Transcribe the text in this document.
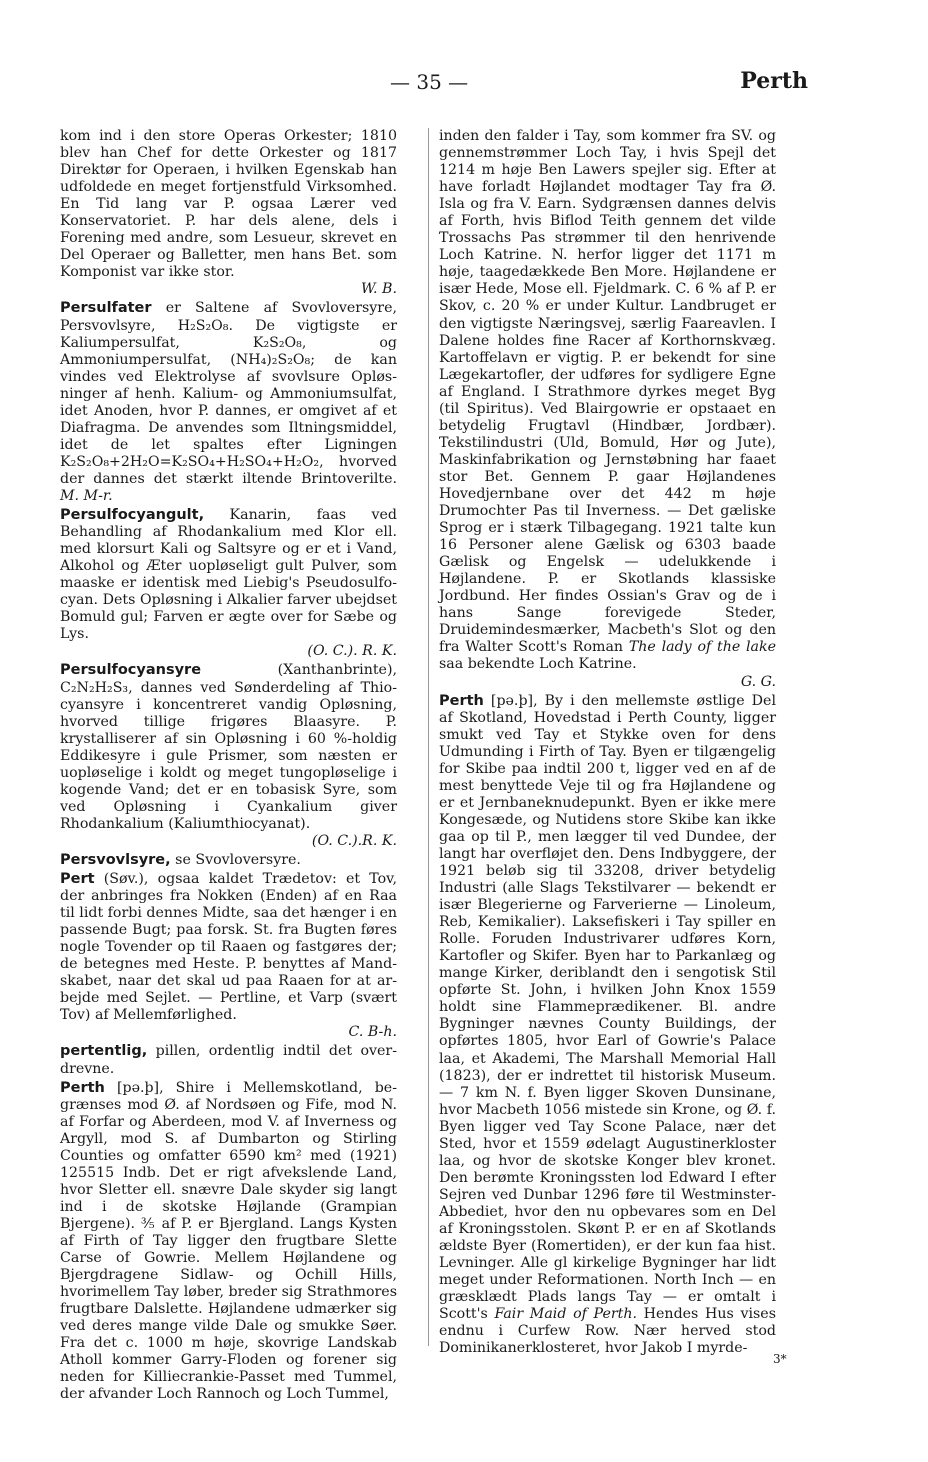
— 35 —	Perth

kom ind i den store Operas Orkester; 1810 blev han Chef for dette Orkester og 1817 Direktør for Operaen, i hvilken Egenskab han udfoldede en meget fortjenstfuld Virksomhed. En Tid lang var P. ogsaa Lærer ved Konservatoriet. P. har dels alene, dels i Forening med andre, som Lesueur, skrevet en Del Operaer og Balletter, men hans Bet. som Komponist var ikke stor.

W. B.

Persulfater er Saltene af Svovloversyre, Persvovlsyre, H₂S₂O₈. De vigtigste er Kaliumpersulfat, K₂S₂O₈, og Ammoniumpersulfat, (NH₄)₂S₂O₈; de kan vindes ved Elektrolyse af svovlsure Opløsninger af henh. Kalium- og Ammoniumsulfat, idet Anoden, hvor P. dannes, er omgivet af et Diafragma. De anvendes som Iltningsmiddel, idet de let spaltes efter Ligningen K₂S₂O₈+2H₂O=K₂SO₄+H₂SO₄+H₂O₂, hvorved der dannes det stærkt iltende Brintoverilte. M. M-r.

Persulfocyangult, Kanarin, faas ved Behandling af Rhodankalium med Klor ell. med klorsurt Kali og Saltsyre og er et i Vand, Alkohol og Æter uopløseligt gult Pulver, som maaske er identisk med Liebig's Pseudosulfocyan. Dets Opløsning i Alkalier farver ubejdset Bomuld gul; Farven er ægte over for Sæbe og Lys.

(O. C.). R. K.

Persulfocyansyre (Xanthanbrinte), C₂N₂H₂S₃, dannes ved Sønderdeling af Thiocyansyre i koncentreret vandig Opløsning, hvorved tillige frigøres Blaasyre. P. krystalliserer af sin Opløsning i 60 %-holdig Eddikesyre i gule Prismer, som næsten er uopløselige i koldt og meget tungopløselige i kogende Vand; det er en tobasisk Syre, som ved Opløsning i Cyankalium giver Rhodankalium (Kaliumthiocyanat).

(O. C.).R. K.

Persvovlsyre, se Svovloversyre.

Pert (Søv.), ogsaa kaldet Trædetov: et Tov, der anbringes fra Nokken (Enden) af en Raa til lidt forbi dennes Midte, saa det hænger i en passende Bugt; paa forsk. St. fra Bugten føres nogle Tovender op til Raaen og fastgøres der; de betegnes med Heste. P. benyttes af Mandskabet, naar det skal ud paa Raaen for at arbejde med Sejlet. — Pertline, et Varp (svært Tov) af Mellemførlighed.

C. B-h.

pertentlig, pillen, ordentlig indtil det overdrevne.

Perth [pə.þ], Shire i Mellemskotland, begrænses mod Ø. af Nordsøen og Fife, mod N. af Forfar og Aberdeen, mod V. af Inverness og Argyll, mod S. af Dumbarton og Stirling Counties og omfatter 6590 km² med (1921) 125515 Indb. Det er rigt afvekslende Land, hvor Sletter ell. snævre Dale skyder sig langt ind i de skotske Højlande (Grampian Bjergene). ⅗ af P. er Bjergland. Langs Kysten af Firth of Tay ligger den frugtbare Slette Carse of Gowrie. Mellem Højlandene og Bjergdragene Sidlaw- og Ochill Hills, hvorimellem Tay løber, breder sig Strathmores frugtbare Dalslette. Højlandene udmærker sig ved deres mange vilde Dale og smukke Søer. Fra det c. 1000 m høje, skovrige Landskab Atholl kommer Garry-Floden og forener sig neden for Killiecrankie-Passet med Tummel, der afvander Loch Rannoch og Loch Tummel,

inden den falder i Tay, som kommer fra SV. og gennemstrømmer Loch Tay, i hvis Spejl det 1214 m høje Ben Lawers spejler sig. Efter at have forladt Højlandet modtager Tay fra Ø. Isla og fra V. Earn. Sydgrænsen dannes delvis af Forth, hvis Biflod Teith gennem det vilde Trossachs Pas strømmer til den henrivende Loch Katrine. N. herfor ligger det 1171 m høje, taagedækkede Ben More. Højlandene er især Hede, Mose ell. Fjeldmark. C. 6 % af P. er Skov, c. 20 % er under Kultur. Landbruget er den vigtigste Næringsvej, særlig Faareavlen. I Dalene holdes fine Racer af Korthornskvæg. Kartoffelavn er vigtig. P. er bekendt for sine Lægekartofler, der udføres for sydligere Egne af England. I Strathmore dyrkes meget Byg (til Spiritus). Ved Blairgowrie er opstaaet en betydelig Frugtavl (Hindbær, Jordbær). Tekstilindustri (Uld, Bomuld, Hør og Jute), Maskinfabrikation og Jernstøbning har faaet stor Bet. Gennem P. gaar Højlandenes Hovedjernbane over det 442 m høje Drumochter Pas til Inverness. — Det gæliske Sprog er i stærk Tilbagegang. 1921 talte kun 16 Personer alene Gælisk og 6303 baade Gælisk og Engelsk — udelukkende i Højlandene. P. er Skotlands klassiske Jordbund. Her findes Ossian's Grav og de i hans Sange forevigede Steder, Druidemindesmærker, Macbeth's Slot og den fra Walter Scott's Roman The lady of the lake saa bekendte Loch Katrine.

G. G.

Perth [pə.þ], By i den mellemste østlige Del af Skotland, Hovedstad i Perth County, ligger smukt ved Tay et Stykke oven for dens Udmunding i Firth of Tay. Byen er tilgængelig for Skibe paa indtil 200 t, ligger ved en af de mest benyttede Veje til og fra Højlandene og er et Jernbaneknudepunkt. Byen er ikke mere Kongesæde, og Nutidens store Skibe kan ikke gaa op til P., men lægger til ved Dundee, der langt har overfløjet den. Dens Indbyggere, der 1921 beløb sig til 33208, driver betydelig Industri (alle Slags Tekstilvarer — bekendt er især Blegerierne og Farverierne — Linoleum, Reb, Kemikalier). Laksefiskeri i Tay spiller en Rolle. Foruden Industrivarer udføres Korn, Kartofler og Skifer. Byen har to Parkanlæg og mange Kirker, deriblandt den i sengotisk Stil opførte St. John, i hvilken John Knox 1559 holdt sine Flammeprædikener. Bl. andre Bygninger nævnes County Buildings, der opførtes 1805, hvor Earl of Gowrie's Palace laa, et Akademi, The Marshall Memorial Hall (1823), der er indrettet til historisk Museum. — 7 km N. f. Byen ligger Skoven Dunsinane, hvor Macbeth 1056 mistede sin Krone, og Ø. f. Byen ligger ved Tay Scone Palace, nær det Sted, hvor et 1559 ødelagt Augustinerkloster laa, og hvor de skotske Konger blev kronet. Den berømte Kroningssten lod Edward I efter Sejren ved Dunbar 1296 føre til Westminster-Abbediet, hvor den nu opbevares som en Del af Kroningsstolen. Skønt P. er en af Skotlands ældste Byer (Romertiden), er der kun faa hist. Levninger. Alle gl kirkelige Bygninger har lidt meget under Reformationen. North Inch — en græsklædt Plads langs Tay — er omtalt i Scott's Fair Maid of Perth. Hendes Hus vises endnu i Curfew Row. Nær herved stod Dominikanerklosteret, hvor Jakob I myrde-

3*
